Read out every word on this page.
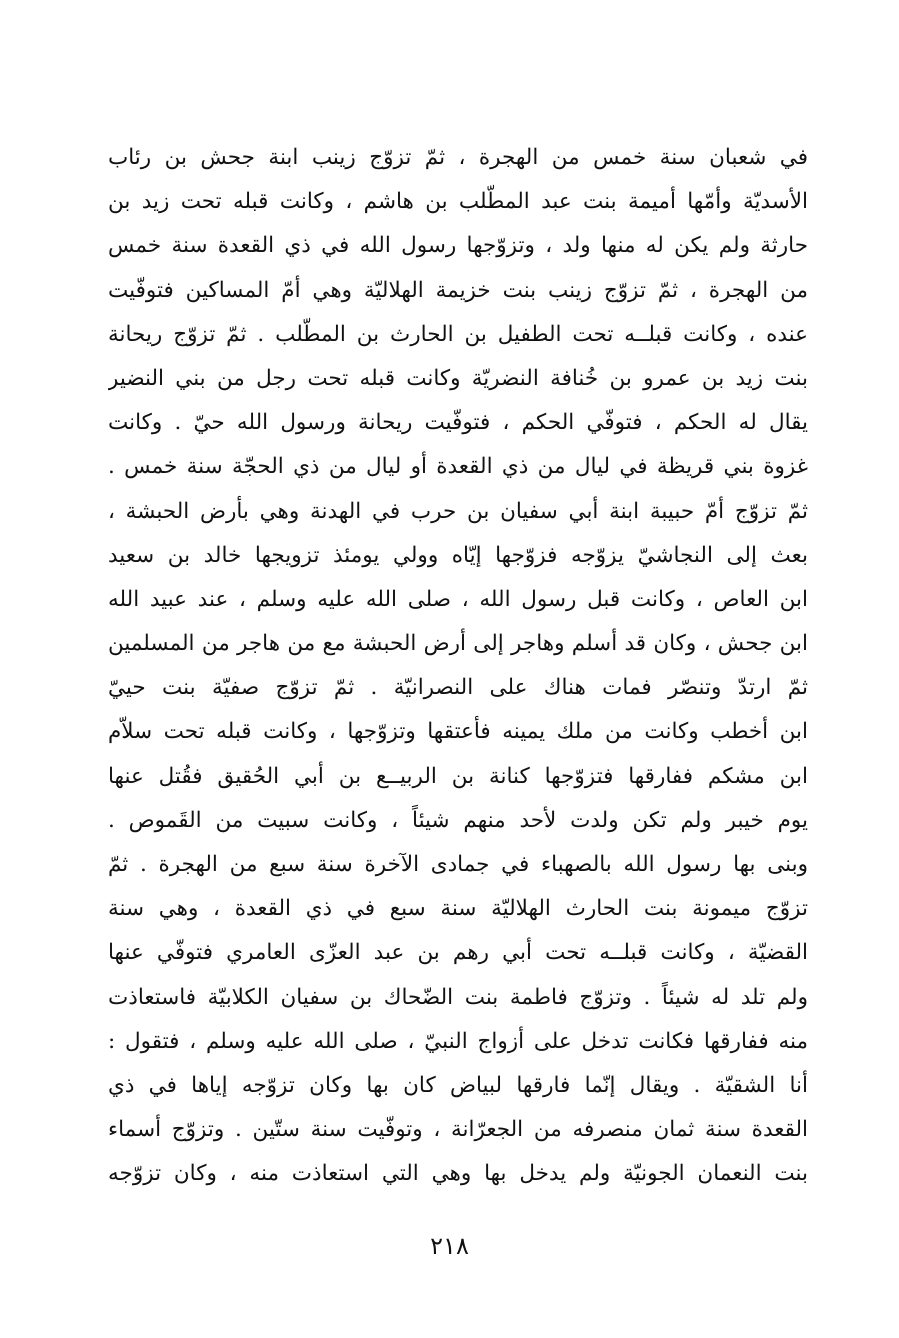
في شعبان سنة خمس من الهجرة ، ثمّ تزوّج زينب ابنة جحش بن رئاب
الأسديّة وأمّها أميمة بنت عبد المطّلب بن هاشم ، وكانت قبله تحت زيد بن
حارثة ولم يكن له منها ولد ، وتزوّجها رسول الله في ذي القعدة سنة خمس
من الهجرة ، ثمّ تزوّج زينب بنت خزيمة الهلاليّة وهي أمّ المساكين فتوفّيت
عنده ، وكانت قبلــه تحت الطفيل بن الحارث بن المطّلب . ثمّ تزوّج ريحانة
بنت زيد بن عمرو بن خُنافة النضريّة وكانت قبله تحت رجل من بني النضير
يقال له الحكم ، فتوفّي الحكم ، فتوفّيت ريحانة ورسول الله حيّ . وكانت
غزوة بني قريظة في ليال من ذي القعدة أو ليال من ذي الحجّة سنة خمس .
ثمّ تزوّج أمّ حبيبة ابنة أبي سفيان بن حرب في الهدنة وهي بأرض الحبشة ،
بعث إلى النجاشيّ يزوّجه فزوّجها إيّاه وولي يومئذ تزويجها خالد بن سعيد
ابن العاص ، وكانت قبل رسول الله ، صلى الله عليه وسلم ، عند عبيد الله
ابن جحش ، وكان قد أسلم وهاجر إلى أرض الحبشة مع من هاجر من المسلمين
ثمّ ارتدّ وتنصّر فمات هناك على النصرانيّة . ثمّ تزوّج صفيّة بنت حييّ
ابن أخطب وكانت من ملك يمينه فأعتقها وتزوّجها ، وكانت قبله تحت سلاّم
ابن مشكم ففارقها فتزوّجها كنانة بن الربيــع بن أبي الحُقيق فقُتل عنها
يوم خيبر ولم تكن ولدت لأحد منهم شيئاً ، وكانت سبيت من القَموص .
وبنى بها رسول الله بالصهباء في جمادى الآخرة سنة سبع من الهجرة . ثمّ
تزوّج ميمونة بنت الحارث الهلاليّة سنة سبع في ذي القعدة ، وهي سنة
القضيّة ، وكانت قبلــه تحت أبي رهم بن عبد العزّى العامري فتوفّي عنها
ولم تلد له شيئاً . وتزوّج فاطمة بنت الضّحاك بن سفيان الكلابيّة فاستعاذت
منه ففارقها فكانت تدخل على أزواج النبيّ ، صلى الله عليه وسلم ، فتقول :
أنا الشقيّة . ويقال إنّما فارقها لبياض كان بها وكان تزوّجه إياها في ذي
القعدة سنة ثمان منصرفه من الجعرّانة ، وتوفّيت سنة ستّين . وتزوّج أسماء
بنت النعمان الجونيّة ولم يدخل بها وهي التي استعاذت منه ، وكان تزوّجه
٢١٨
